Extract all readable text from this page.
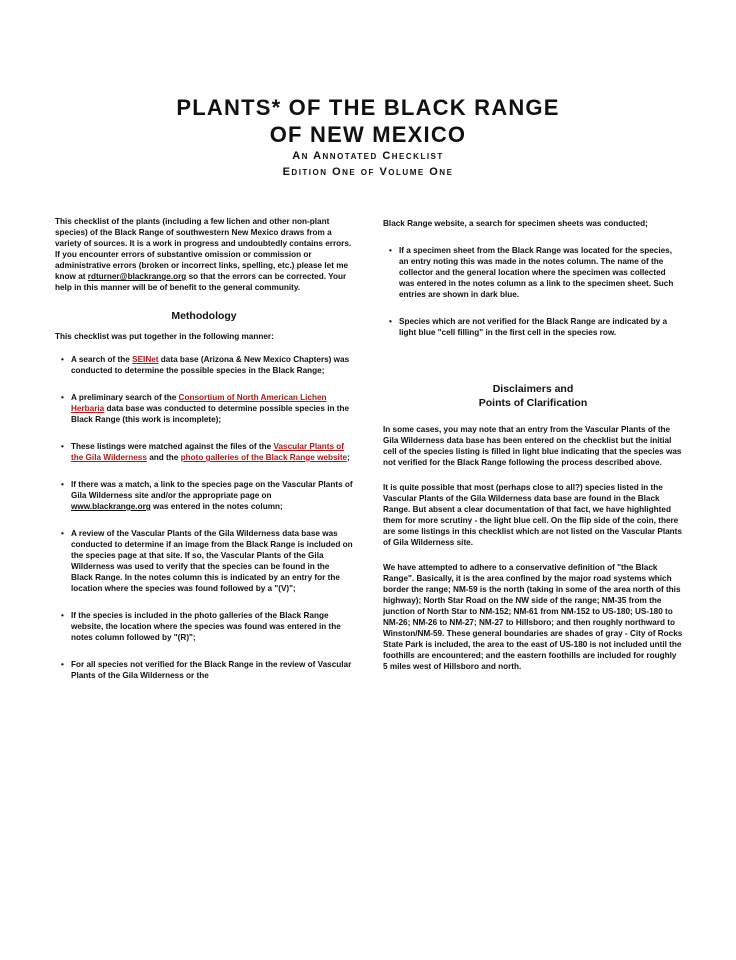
PLANTS* OF THE BLACK RANGE
OF NEW MEXICO
An Annotated Checklist
Edition One of Volume One

This checklist of the plants (including a few lichen and other non-plant species) of the Black Range of southwestern New Mexico draws from a variety of sources. It is a work in progress and undoubtedly contains errors. If you encounter errors of substantive omission or commission or administrative errors (broken or incorrect links, spelling, etc.) please let me know at rdturner@blackrange.org so that the errors can be corrected. Your help in this manner will be of benefit to the general community.

Methodology

This checklist was put together in the following manner:

• A search of the SEINet data base (Arizona & New Mexico Chapters) was conducted to determine the possible species in the Black Range;
• A preliminary search of the Consortium of North American Lichen Herbaria data base was conducted to determine possible species in the Black Range (this work is incomplete);
• These listings were matched against the files of the Vascular Plants of the Gila Wilderness and the photo galleries of the Black Range website;
• If there was a match, a link to the species page on the Vascular Plants of Gila Wilderness site and/or the appropriate page on www.blackrange.org was entered in the notes column;
• A review of the Vascular Plants of the Gila Wilderness data base was conducted to determine if an image from the Black Range is included on the species page at that site. If so, the Vascular Plants of the Gila Wilderness was used to verify that the species can be found in the Black Range. In the notes column this is indicated by an entry for the location where the species was found followed by a "(V)";
• If the species is included in the photo galleries of the Black Range website, the location where the species was found was entered in the notes column followed by "(R)";
• For all species not verified for the Black Range in the review of Vascular Plants of the Gila Wilderness or the

Black Range website, a search for specimen sheets was conducted;

• If a specimen sheet from the Black Range was located for the species, an entry noting this was made in the notes column. The name of the collector and the general location where the specimen was collected was entered in the notes column as a link to the specimen sheet. Such entries are shown in dark blue.
• Species which are not verified for the Black Range are indicated by a light blue "cell filling" in the first cell in the species row.
Disclaimers and
Points of Clarification

In some cases, you may note that an entry from the Vascular Plants of the Gila Wilderness data base has been entered on the checklist but the initial cell of the species listing is filled in light blue indicating that the species was not verified for the Black Range following the process described above.

It is quite possible that most (perhaps close to all?) species listed in the Vascular Plants of the Gila Wilderness data base are found in the Black Range. But absent a clear documentation of that fact, we have highlighted them for more scrutiny - the light blue cell. On the flip side of the coin, there are some listings in this checklist which are not listed on the Vascular Plants of Gila Wilderness site.

We have attempted to adhere to a conservative definition of "the Black Range". Basically, it is the area confined by the major road systems which border the range; NM-59 is the north (taking in some of the area north of this highway); North Star Road on the NW side of the range; NM-35 from the junction of North Star to NM-152; NM-61 from NM-152 to US-180; US-180 to NM-26; NM-26 to NM-27; NM-27 to Hillsboro; and then roughly northward to Winston/NM-59. These general boundaries are shades of gray - City of Rocks State Park is included, the area to the east of US-180 is not included until the foothills are encountered; and the eastern foothills are included for roughly 5 miles west of Hillsboro and north.
